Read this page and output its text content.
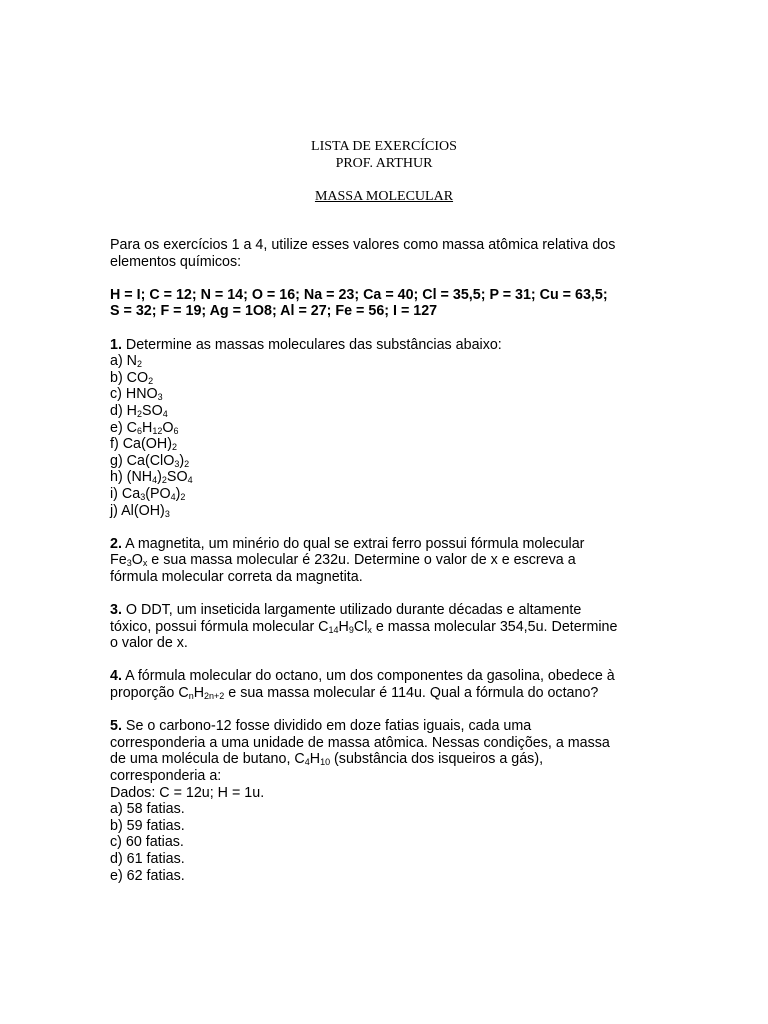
LISTA DE EXERCÍCIOS
PROF. ARTHUR
MASSA MOLECULAR

Para os exercícios 1 a 4, utilize esses valores como massa atômica relativa dos

elementos químicos:

H = I; C = 12; N = 14; O = 16; Na = 23; Ca = 40; Cl = 35,5; P = 31; Cu = 63,5;

S = 32; F = 19; Ag = 1O8; Al = 27; Fe = 56; I = 127

1. Determine as massas moleculares das substâncias abaixo:

a) $N_2$

b) $CO_2$

c) $HNO_3$

d) $H_2SO_4$

e) $C_6H_{12}O_6$

f) $Ca(OH)_2$

g) $Ca(ClO_3)_2$

h) $(NH_4)_2SO_4$

i) $Ca_3(PO_4)_2$

j) $Al(OH)_3$

2. A magnetita, um minério do qual se extrai ferro possui fórmula molecular

$Fe_3O_x$ e sua massa molecular é 232u. Determine o valor de x e escreva a

fórmula molecular correta da magnetita.

3. O DDT, um inseticida largamente utilizado durante décadas e altamente

tóxico, possui fórmula molecular $C_{14}H_9Cl_x$ e massa molecular 354,5u. Determine

o valor de x.

4. A fórmula molecular do octano, um dos componentes da gasolina, obedece à

proporção $C_nH_{2n+2}$ e sua massa molecular é 114u. Qual a fórmula do octano?

5. Se o carbono-12 fosse dividido em doze fatias iguais, cada uma

corresponderia a uma unidade de massa atômica. Nessas condições, a massa

de uma molécula de butano, $C_4H_{10}$ (substância dos isqueiros a gás),

corresponderia a:

Dados: C = 12u; H = 1u.

a) 58 fatias.

b) 59 fatias.

c) 60 fatias.

d) 61 fatias.

e) 62 fatias.
